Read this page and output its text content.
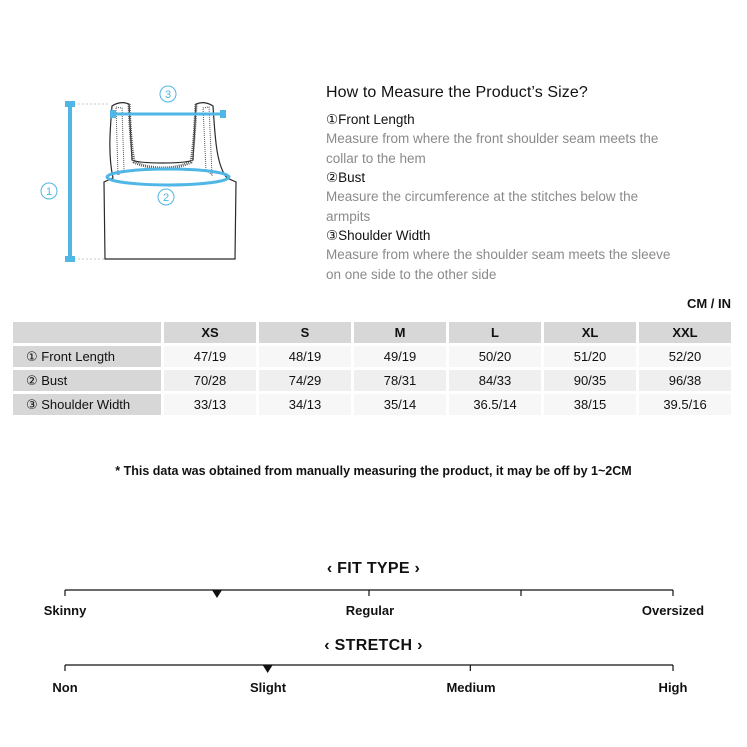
1
3
2
How to Measure the Product’s Size?
①Front Length
Measure from where the front shoulder seam meets the
collar to the hem
②Bust
Measure the circumference at the stitches below the
armpits
③Shoulder Width
Measure from where the shoulder seam meets the sleeve
on one side to the other side
CM / IN
	XS	S	M	L	XL	XXL
① Front Length	47/19	48/19	49/19	50/20	51/20	52/20
② Bust	70/28	74/29	78/31	84/33	90/35	96/38
③ Shoulder Width	33/13	34/13	35/14	36.5/14	38/15	39.5/16
* This data was obtained from manually measuring the product, it may be off by 1~2CM
‹ FIT TYPE ›
Skinny	Regular	Oversized
‹ STRETCH ›
Non	Slight	Medium	High
